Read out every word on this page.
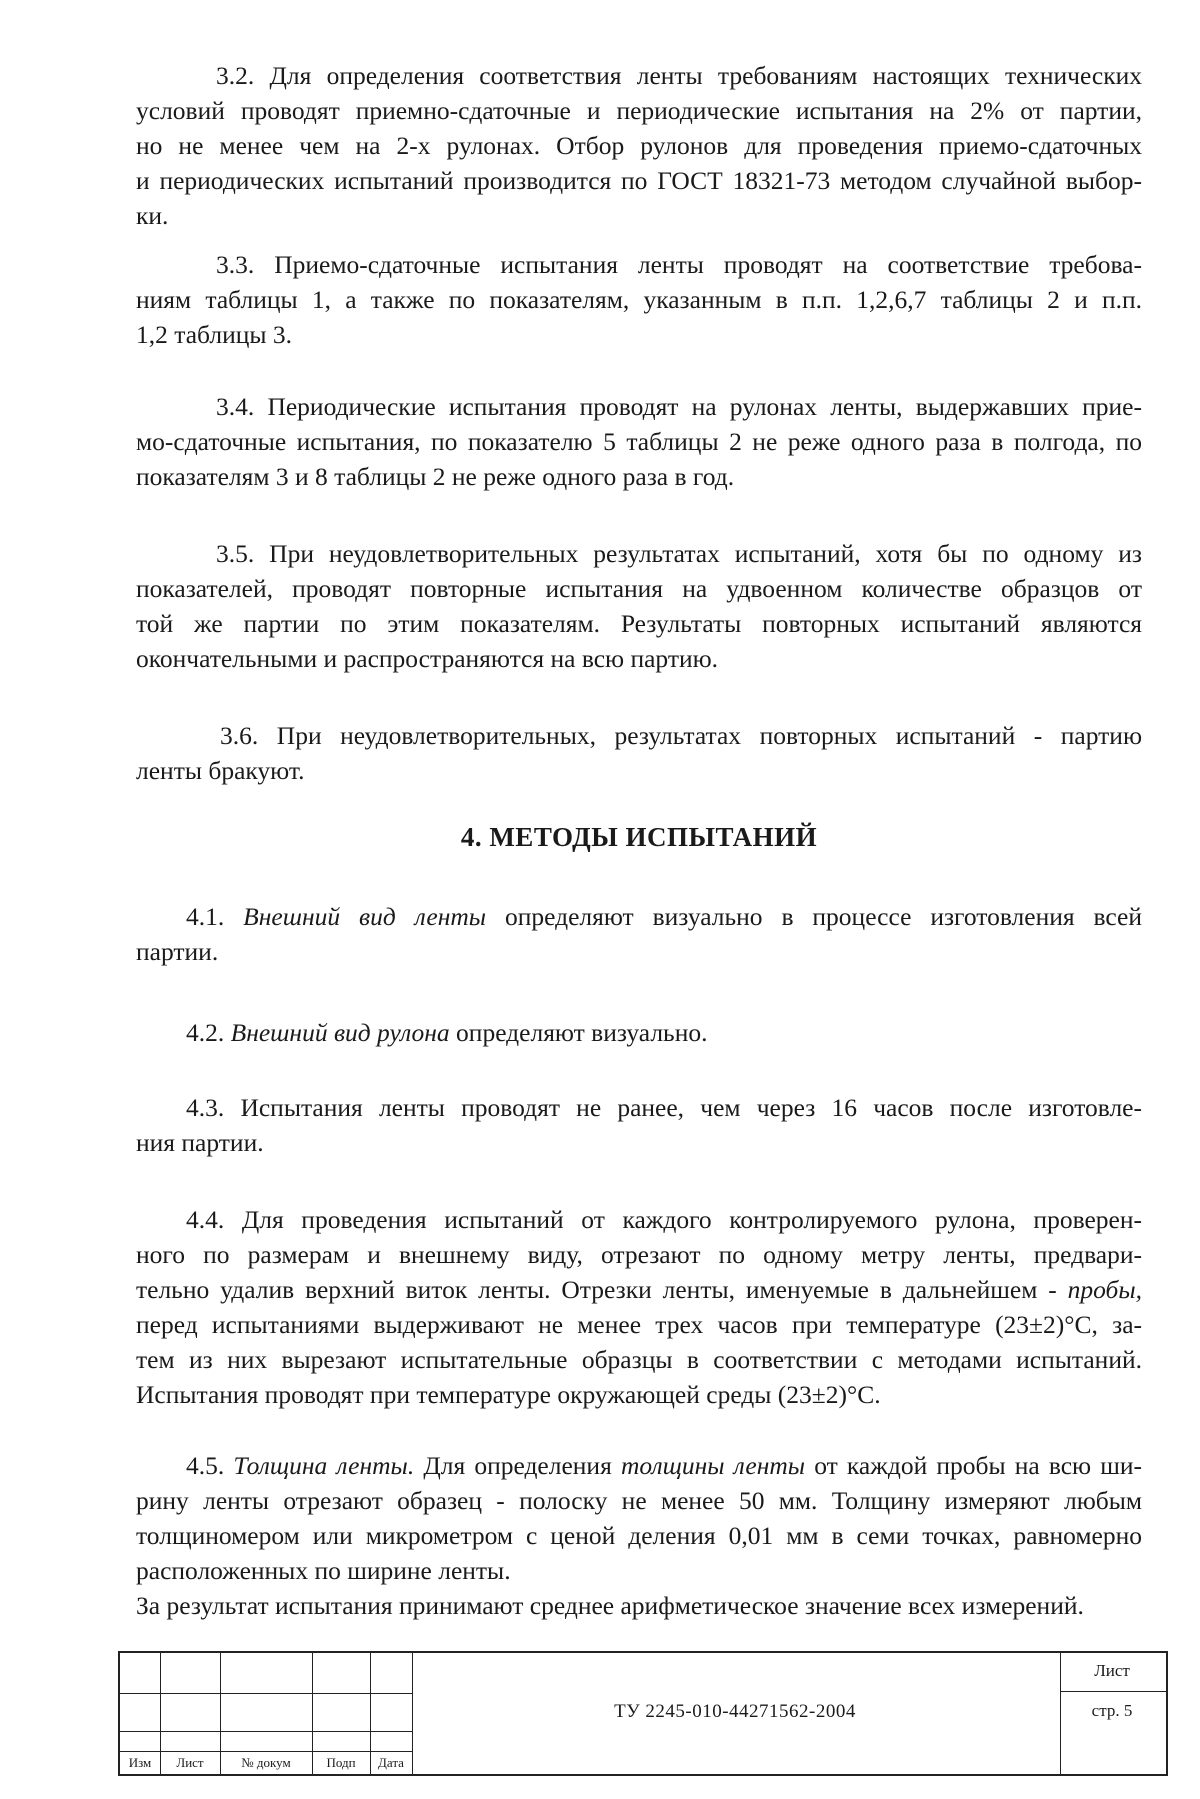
3.2. Для определения соответствия ленты требованиям настоящих технических
условий проводят приемно-сдаточные и периодические испытания на 2% от партии,
но не менее чем на 2-х рулонах. Отбор рулонов для проведения приемо-сдаточных
и периодических испытаний производится по ГОСТ 18321-73 методом случайной выбор-
ки.
3.3. Приемо-сдаточные испытания ленты проводят на соответствие требова-
ниям таблицы 1, а также по показателям, указанным в п.п. 1,2,6,7 таблицы 2 и п.п.
1,2 таблицы 3.
3.4. Периодические испытания проводят на рулонах ленты, выдержавших прие-
мо-сдаточные испытания, по показателю 5 таблицы 2 не реже одного раза в полгода, по
показателям 3 и 8 таблицы 2 не реже одного раза в год.
3.5. При неудовлетворительных результатах испытаний, хотя бы по одному из
показателей, проводят повторные испытания на удвоенном количестве образцов от
той же партии по этим показателям. Результаты повторных испытаний являются
окончательными и распространяются на всю партию.
3.6. При неудовлетворительных, результатах повторных испытаний - партию
ленты бракуют.
4. МЕТОДЫ ИСПЫТАНИЙ
4.1. Внешний вид ленты определяют визуально в процессе изготовления всей
партии.
4.2. Внешний вид рулона определяют визуально.
4.3. Испытания ленты проводят не ранее, чем через 16 часов после изготовле-
ния партии.
4.4. Для проведения испытаний от каждого контролируемого рулона, проверен-
ного по размерам и внешнему виду, отрезают по одному метру ленты, предвари-
тельно удалив верхний виток ленты. Отрезки ленты, именуемые в дальнейшем - пробы,
перед испытаниями выдерживают не менее трех часов при температуре (23±2)°С, за-
тем из них вырезают испытательные образцы в соответствии с методами испытаний.
Испытания проводят при температуре окружающей среды (23±2)°С.
4.5. Толщина ленты. Для определения толщины ленты от каждой пробы на всю ши-
рину ленты отрезают образец - полоску не менее 50 мм. Толщину измеряют любым
толщиномером или микрометром с ценой деления 0,01 мм в семи точках, равномерно
расположенных по ширине ленты.
За результат испытания принимают среднее арифметическое значение всех измерений.
Изм	Лист	№ докум	Подп	Дата
ТУ 2245-010-44271562-2004
Лист
стр. 5
